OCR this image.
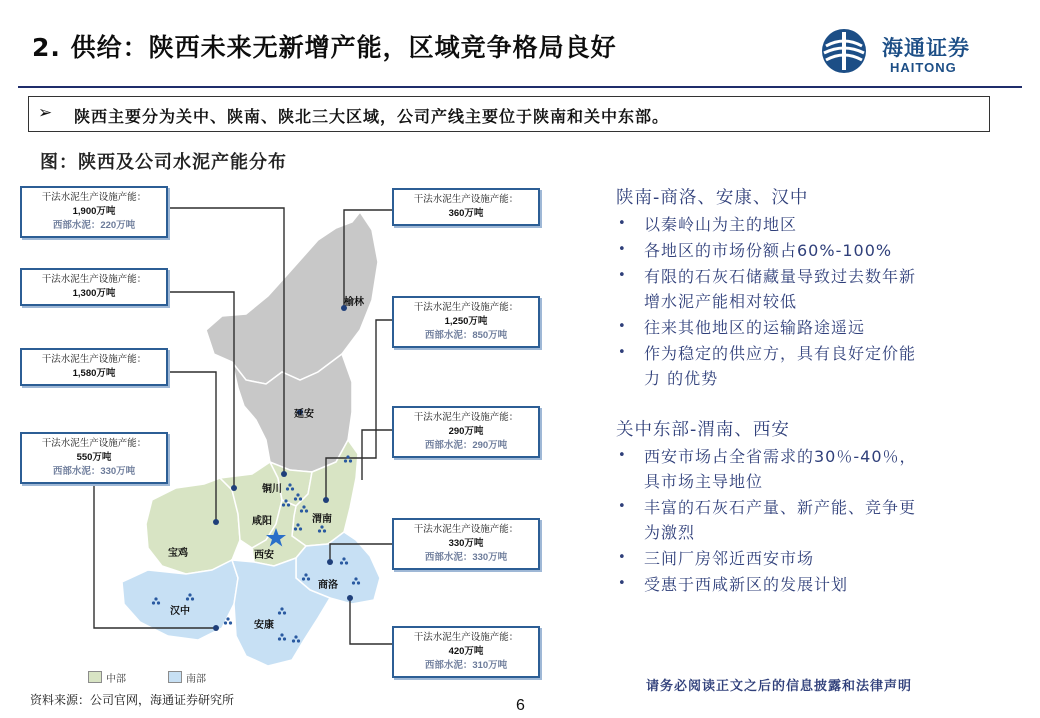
2. 供给：陕西未来无新增产能，区域竞争格局良好	海通证券
HAITONG
➢ 陕西主要分为关中、陕南、陕北三大区域，公司产线主要位于陕南和关中东部。
图：陕西及公司水泥产能分布
榆林
延安
铜川
咸阳	渭南
宝鸡	西安
商洛
汉中
安康
干法水泥生产设施产能：
1,900万吨
西部水泥：220万吨
干法水泥生产设施产能：
1,300万吨
干法水泥生产设施产能：
1,580万吨
干法水泥生产设施产能：
550万吨
西部水泥：330万吨
干法水泥生产设施产能：
360万吨
干法水泥生产设施产能：
1,250万吨
西部水泥：850万吨
干法水泥生产设施产能：
290万吨
西部水泥：290万吨
干法水泥生产设施产能：
330万吨
西部水泥：330万吨
干法水泥生产设施产能：
420万吨
西部水泥：310万吨
中部	南部
陕南-商洛、安康、汉中
• 以秦岭山为主的地区
• 各地区的市场份额占60%-100%
• 有限的石灰石储藏量导致过去数年新
增水泥产能相对较低
• 往来其他地区的运输路途遥远
• 作为稳定的供应方，具有良好定价能
力 的优势
关中东部-渭南、西安
• 西安市场占全省需求的30％-40％，
具市场主导地位
• 丰富的石灰石产量、新产能、竞争更
为激烈
• 三间厂房邻近西安市场
• 受惠于西咸新区的发展计划
请务必阅读正文之后的信息披露和法律声明
资料来源：公司官网，海通证券研究所	6
